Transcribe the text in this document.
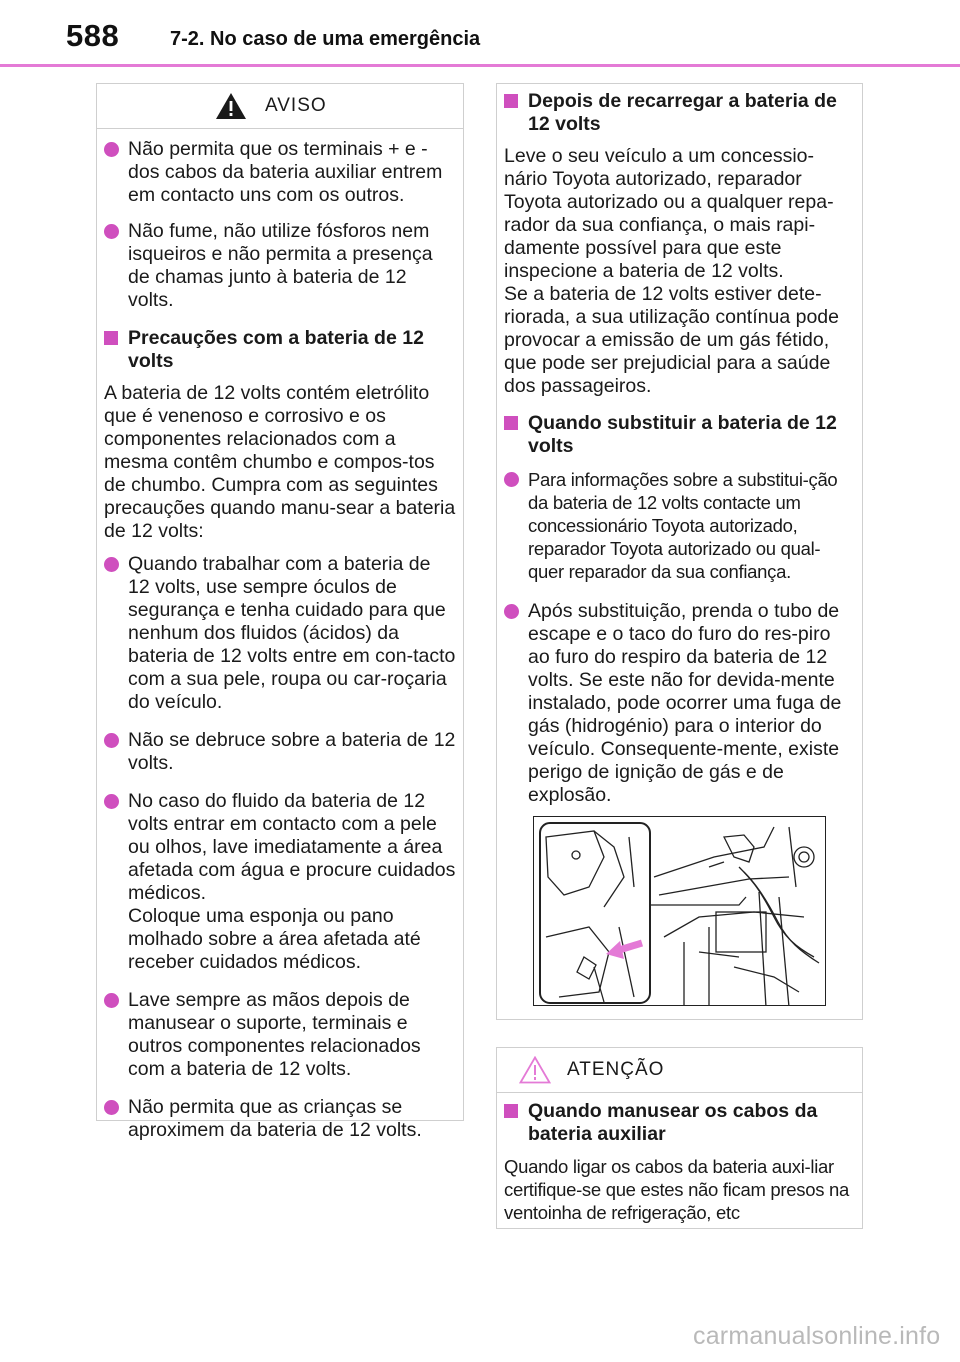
588	7-2. No caso de uma emergência
AVISO
Não permita que os terminais + e - dos cabos da bateria auxiliar entrem em contacto uns com os outros.
Não fume, não utilize fósforos nem isqueiros e não permita a presença de chamas junto à bateria de 12 volts.
Precauções com a bateria de 12 volts

A bateria de 12 volts contém eletrólito que é venenoso e corrosivo e os componentes relacionados com a mesma contêm chumbo e compos-tos de chumbo. Cumpra com as seguintes precauções quando manu-sear a bateria de 12 volts:

Quando trabalhar com a bateria de 12 volts, use sempre óculos de segurança e tenha cuidado para que nenhum dos fluidos (ácidos) da bateria de 12 volts entre em con-tacto com a sua pele, roupa ou car-roçaria do veículo.
Não se debruce sobre a bateria de 12 volts.
No caso do fluido da bateria de 12 volts entrar em contacto com a pele ou olhos, lave imediatamente a área afetada com água e procure cuidados médicos.
Coloque uma esponja ou pano molhado sobre a área afetada até receber cuidados médicos.
Lave sempre as mãos depois de manusear o suporte, terminais e outros componentes relacionados com a bateria de 12 volts.
Não permita que as crianças se aproximem da bateria de 12 volts.
Depois de recarregar a bateria de 12 volts

Leve o seu veículo a um concessio-nário Toyota autorizado, reparador Toyota autorizado ou a qualquer repa-rador da sua confiança, o mais rapi-damente possível para que este inspecione a bateria de 12 volts.

Se a bateria de 12 volts estiver dete-riorada, a sua utilização contínua pode provocar a emissão de um gás fétido, que pode ser prejudicial para a saúde dos passageiros.

Quando substituir a bateria de 12 volts
Para informações sobre a substitui-ção da bateria de 12 volts contacte um concessionário Toyota autorizado, reparador Toyota autorizado ou qual-quer reparador da sua confiança.
Após substituição, prenda o tubo de escape e o taco do furo do res-piro ao furo do respiro da bateria de 12 volts. Se este não for devida-mente instalado, pode ocorrer uma fuga de gás (hidrogénio) para o interior do veículo. Consequente-mente, existe perigo de ignição de gás e de explosão.
ATENÇÃO
Quando manusear os cabos da bateria auxiliar

Quando ligar os cabos da bateria auxi-liar certifique-se que estes não ficam presos na ventoinha de refrigeração, etc

carmanualsonline.info
